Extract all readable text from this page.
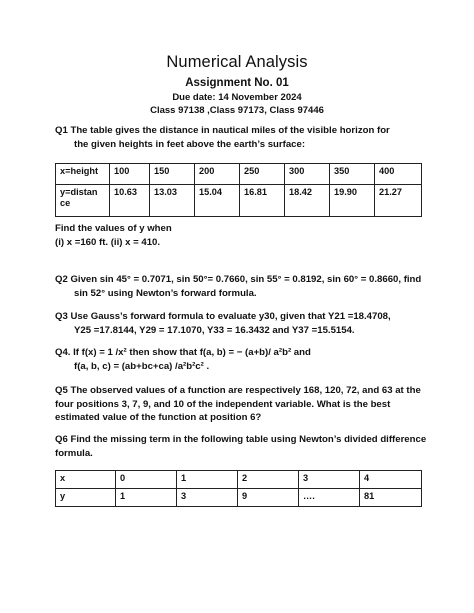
Numerical Analysis
Assignment No. 01
Due date: 14 November 2024
Class 97138 ,Class 97173, Class 97446
Q1 The table gives the distance in nautical miles of the visible horizon for
the given heights in feet above the earth’s surface:
x=height	100	150	200	250	300	350	400
y=distan ce	10.63	13.03	15.04	16.81	18.42	19.90	21.27
Find the values of y when
(i) x =160 ft. (ii) x = 410.
Q2 Given sin 45° = 0.7071, sin 50°= 0.7660, sin 55° = 0.8192, sin 60° = 0.8660, find
sin 52° using Newton’s forward formula.
Q3 Use Gauss’s forward formula to evaluate y30, given that Y21 =18.4708,
Y25 =17.8144, Y29 = 17.1070, Y33 = 16.3432 and Y37 =15.5154.
Q4. If f(x) = 1 /x² then show that f(a, b) = − (a+b)/ a²b² and
f(a, b, c) = (ab+bc+ca) /a²b²c² .
Q5 The observed values of a function are respectively 168, 120, 72, and 63 at the
four positions 3, 7, 9, and 10 of the independent variable. What is the best
estimated value of the function at position 6?
Q6 Find the missing term in the following table using Newton’s divided difference
formula.
x	0	1	2	3	4
y	1	3	9	….	81
